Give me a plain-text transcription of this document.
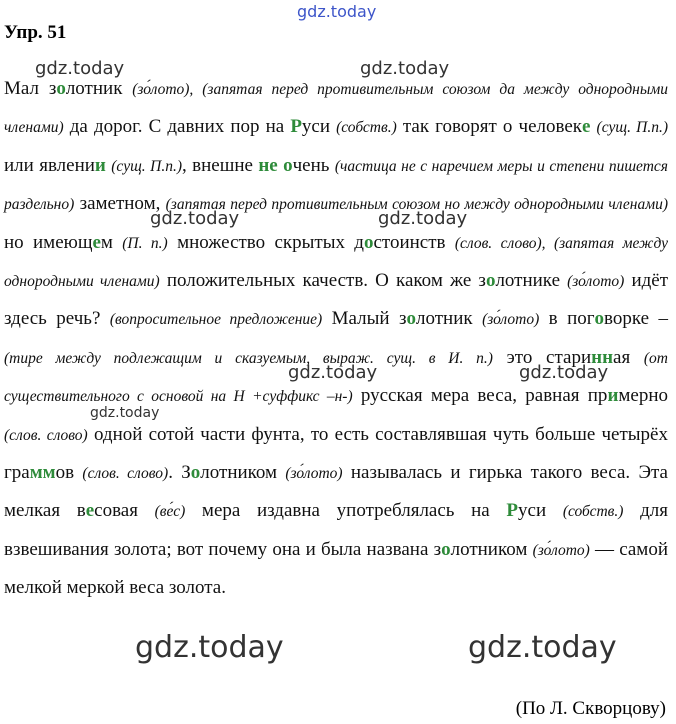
Упр. 51
Мал золотник (зо́лото), (запятая перед противительным союзом да между однородными членами) да дорог. С давних пор на Руси (собств.) так говорят о человеке (сущ. П.п.) или явлении (сущ. П.п.), внешне не очень (частица не с наречием меры и степени пишется раздельно) заметном, (запятая перед противительным союзом но между однородными членами) но имеющем (П. п.) множество скрытых достоинств (слов. слово), (запятая между однородными членами) положительных качеств. О каком же золотнике (зо́лото) идёт здесь речь? (вопросительное предложение) Малый золотник (зо́лото) в поговорке – (тире между подлежащим и сказуемым, выраж. сущ. в И. п.) это старинная (от существительного с основой на Н +суффикс –н-) русская мера веса, равная примерно (слов. слово) одной сотой части фунта, то есть составлявшая чуть больше четырёх граммов (слов. слово). Золотником (зо́лото) называлась и гирька такого веса. Эта мелкая весовая (ве́с) мера издавна употреблялась на Руси (собств.) для взвешивания золота; вот почему она и была названа золотником (зо́лото) — самой мелкой меркой веса золота.
(По Л. Скворцову)
gdz.today
gdz.today	gdz.today
gdz.today	gdz.today
gdz.today	gdz.today
gdz.today
gdz.today	gdz.today
